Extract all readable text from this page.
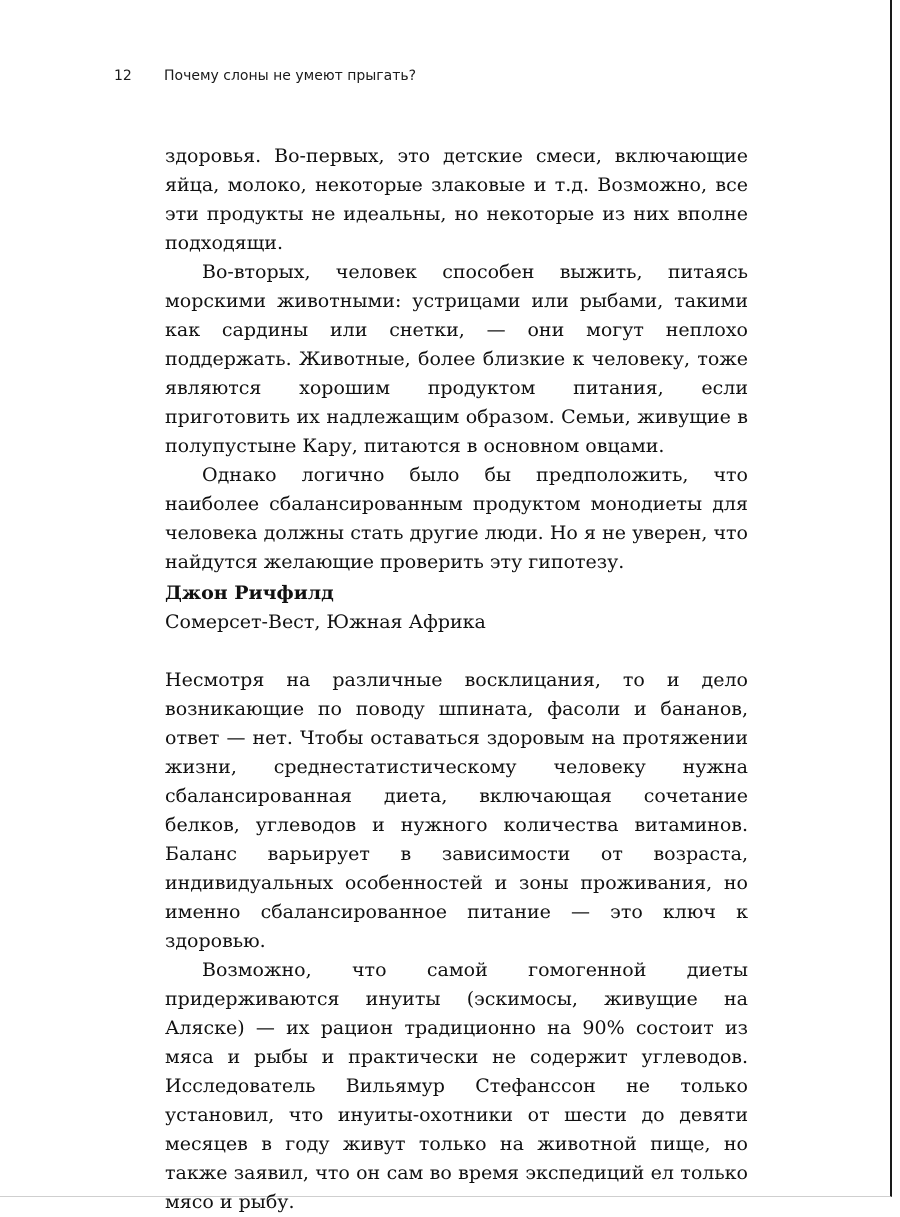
12 Почему слоны не умеют прыгать?

здоровья. Во-первых, это детские смеси, включающие яйца, молоко, некоторые злаковые и т.д. Возможно, все эти продукты не идеальны, но некоторые из них вполне подходящи.

Во-вторых, человек способен выжить, питаясь морскими животными: устрицами или рыбами, такими как сардины или снетки, — они могут неплохо поддержать. Животные, более близкие к человеку, тоже являются хорошим продуктом питания, если приготовить их надлежащим образом. Семьи, живущие в полупустыне Кару, питаются в основном овцами.

Однако логично было бы предположить, что наиболее сбалансированным продуктом монодиеты для человека должны стать другие люди. Но я не уверен, что найдутся желающие проверить эту гипотезу.

Джон Ричфилд
Сомерсет-Вест, Южная Африка

Несмотря на различные восклицания, то и дело возникающие по поводу шпината, фасоли и бананов, ответ — нет. Чтобы оставаться здоровым на протяжении жизни, среднестатистическому человеку нужна сбалансированная диета, включающая сочетание белков, углеводов и нужного количества витаминов. Баланс варьирует в зависимости от возраста, индивидуальных особенностей и зоны проживания, но именно сбалансированное питание — это ключ к здоровью.

Возможно, что самой гомогенной диеты придерживаются инуиты (эскимосы, живущие на Аляске) — их рацион традиционно на 90% состоит из мяса и рыбы и практически не содержит углеводов. Исследователь Вильямур Стефанссон не только установил, что инуиты-охотники от шести до девяти месяцев в году живут только на животной пище, но также заявил, что он сам во время экспедиций ел только мясо и рыбу.
